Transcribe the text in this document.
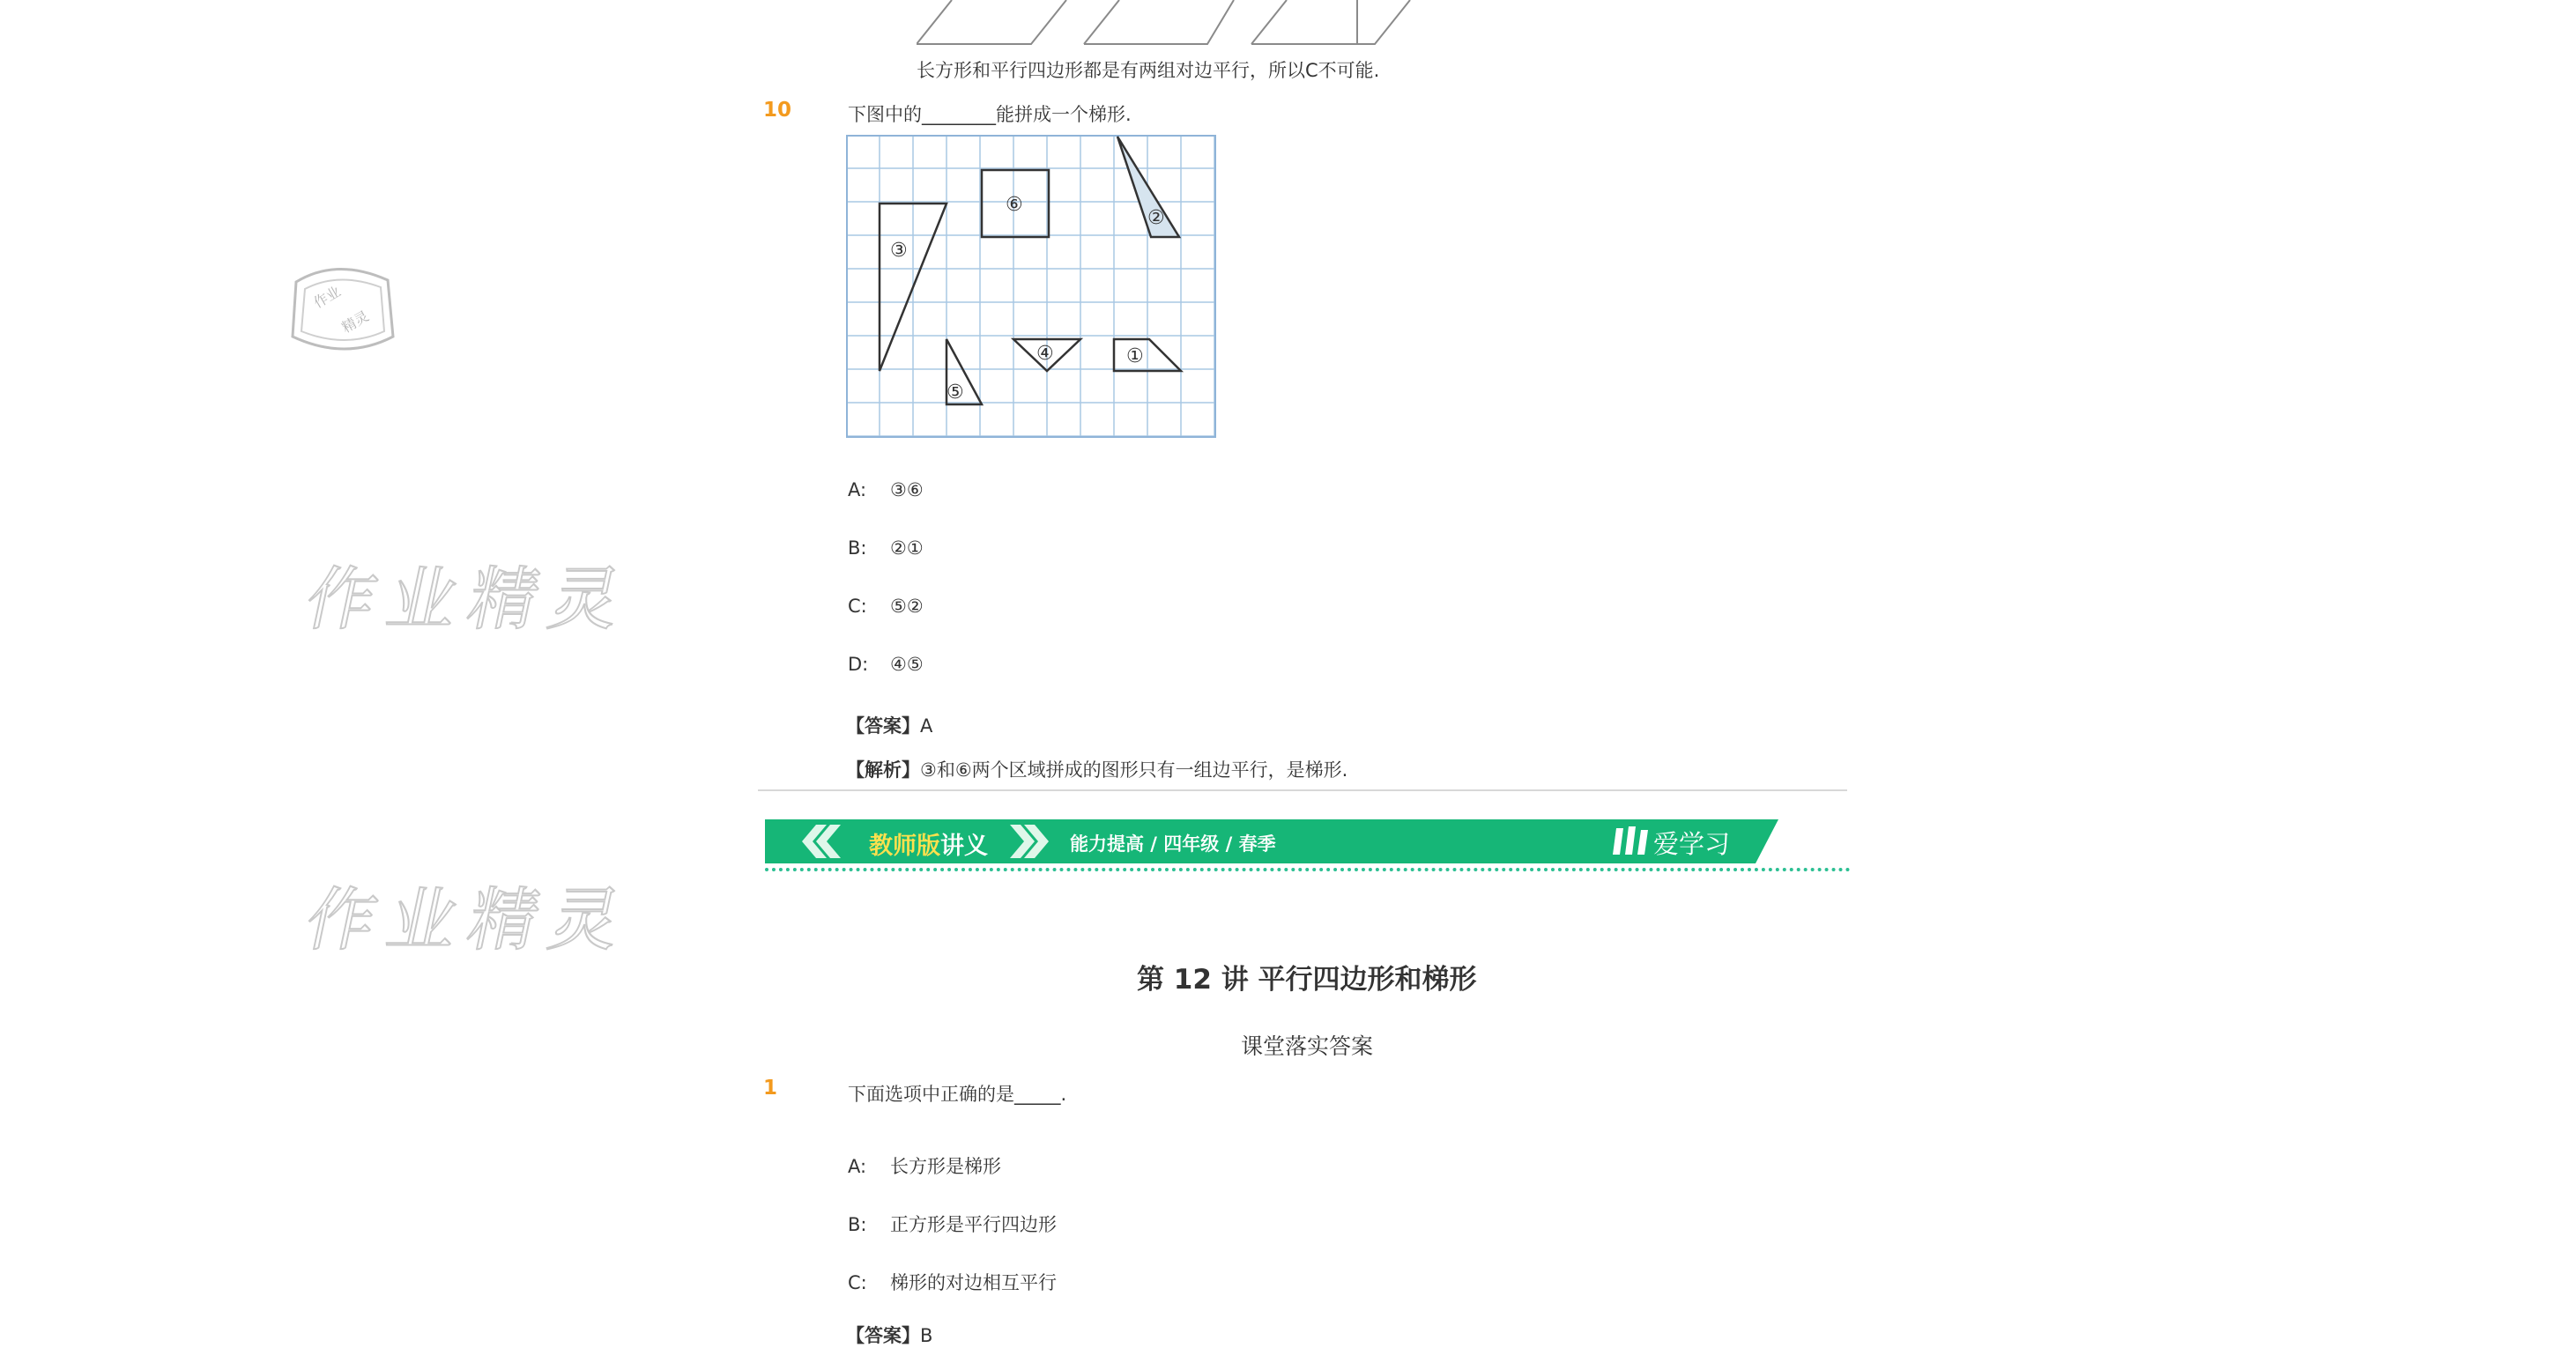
作业
精灵
作业精灵
作业精灵
长方形和平行四边形都是有两组对边平行，所以C不可能.
10	下图中的________能拼成一个梯形.
⑥
②
③
④	①
⑤
A: ③⑥
B: ②①
C: ⑤②
D: ④⑤
【答案】A
【解析】③和⑥两个区域拼成的图形只有一组边平行，是梯形.
教师版讲义	能力提高 / 四年级 / 春季	爱学习
第 12 讲 平行四边形和梯形
课堂落实答案
1	下面选项中正确的是_____.
A: 长方形是梯形
B: 正方形是平行四边形
C: 梯形的对边相互平行
【答案】B
